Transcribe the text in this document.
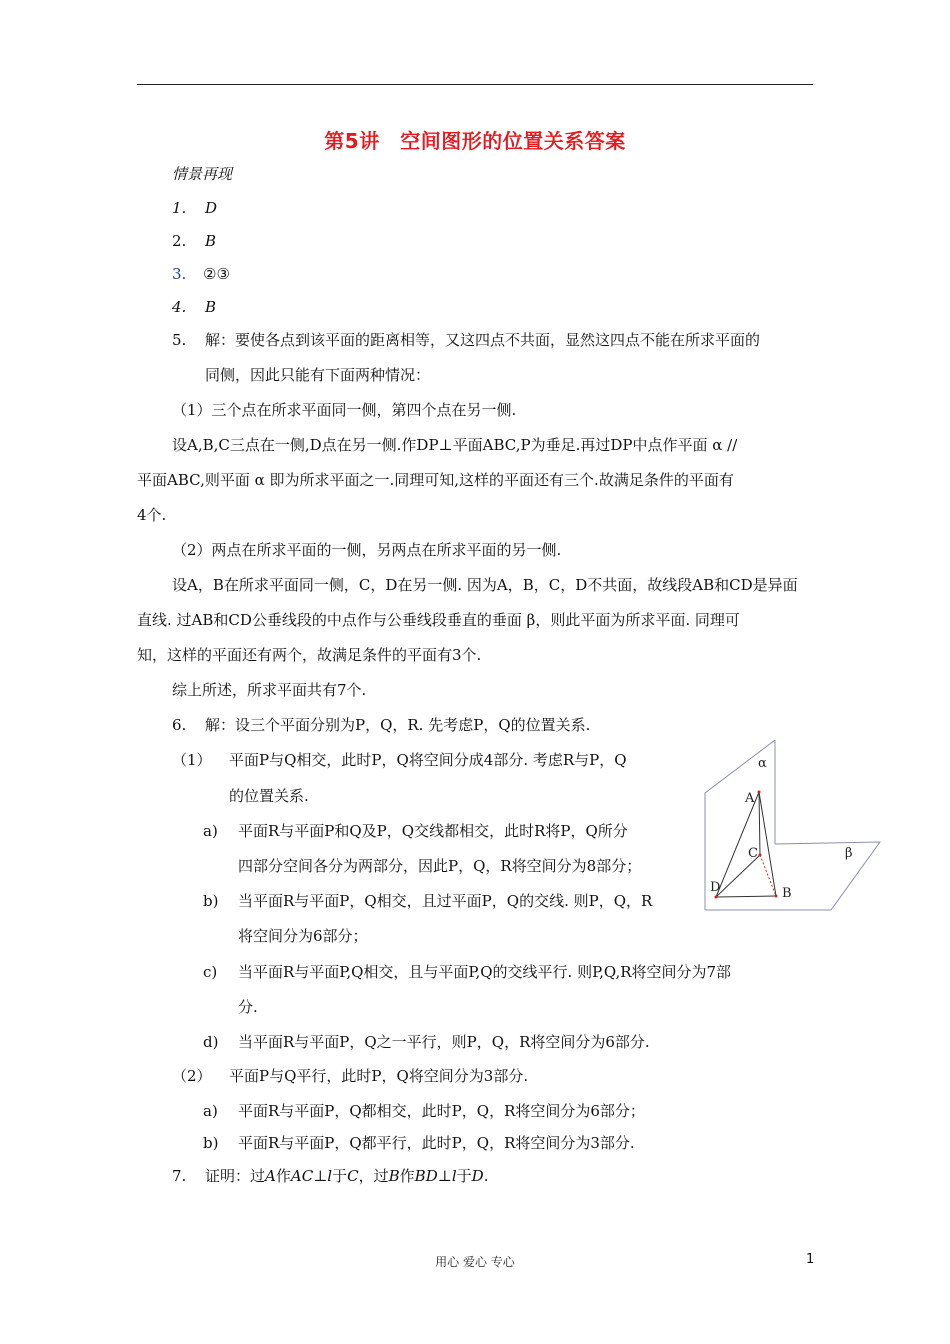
第5讲　空间图形的位置关系答案
情景再现
1. D
2. B
3. ②③
4. B
5. 解：要使各点到该平面的距离相等，又这四点不共面，显然这四点不能在所求平面的
同侧，因此只能有下面两种情况：
（1）三个点在所求平面同一侧，第四个点在另一侧.
设A,B,C三点在一侧,D点在另一侧.作DP⊥平面ABC,P为垂足.再过DP中点作平面 α //
平面ABC,则平面 α 即为所求平面之一.同理可知,这样的平面还有三个.故满足条件的平面有
4个.
（2）两点在所求平面的一侧，另两点在所求平面的另一侧.
设A，B在所求平面同一侧，C，D在另一侧. 因为A，B，C，D不共面，故线段AB和CD是异面
直线. 过AB和CD公垂线段的中点作与公垂线段垂直的垂面 β，则此平面为所求平面. 同理可
知，这样的平面还有两个，故满足条件的平面有3个.
综上所述，所求平面共有7个.
6. 解：设三个平面分别为P，Q，R. 先考虑P，Q的位置关系.
（1） 平面P与Q相交，此时P，Q将空间分成4部分. 考虑R与P，Q
的位置关系.
a) 平面R与平面P和Q及P，Q交线都相交，此时R将P，Q所分
四部分空间各分为两部分，因此P，Q，R将空间分为8部分；
b) 当平面R与平面P，Q相交，且过平面P，Q的交线. 则P，Q，R
将空间分为6部分；
c) 当平面R与平面P,Q相交，且与平面P,Q的交线平行. 则P,Q,R将空间分为7部
分.
d) 当平面R与平面P，Q之一平行，则P，Q，R将空间分为6部分.
（2） 平面P与Q平行，此时P，Q将空间分为3部分.
a) 平面R与平面P，Q都相交，此时P，Q，R将空间分为6部分；
b) 平面R与平面P，Q都平行，此时P，Q，R将空间分为3部分.
7. 证明：过A作AC⊥l于C，过B作BD⊥l于D.
α
β
A
C
D	B
用心 爱心 专心	1
